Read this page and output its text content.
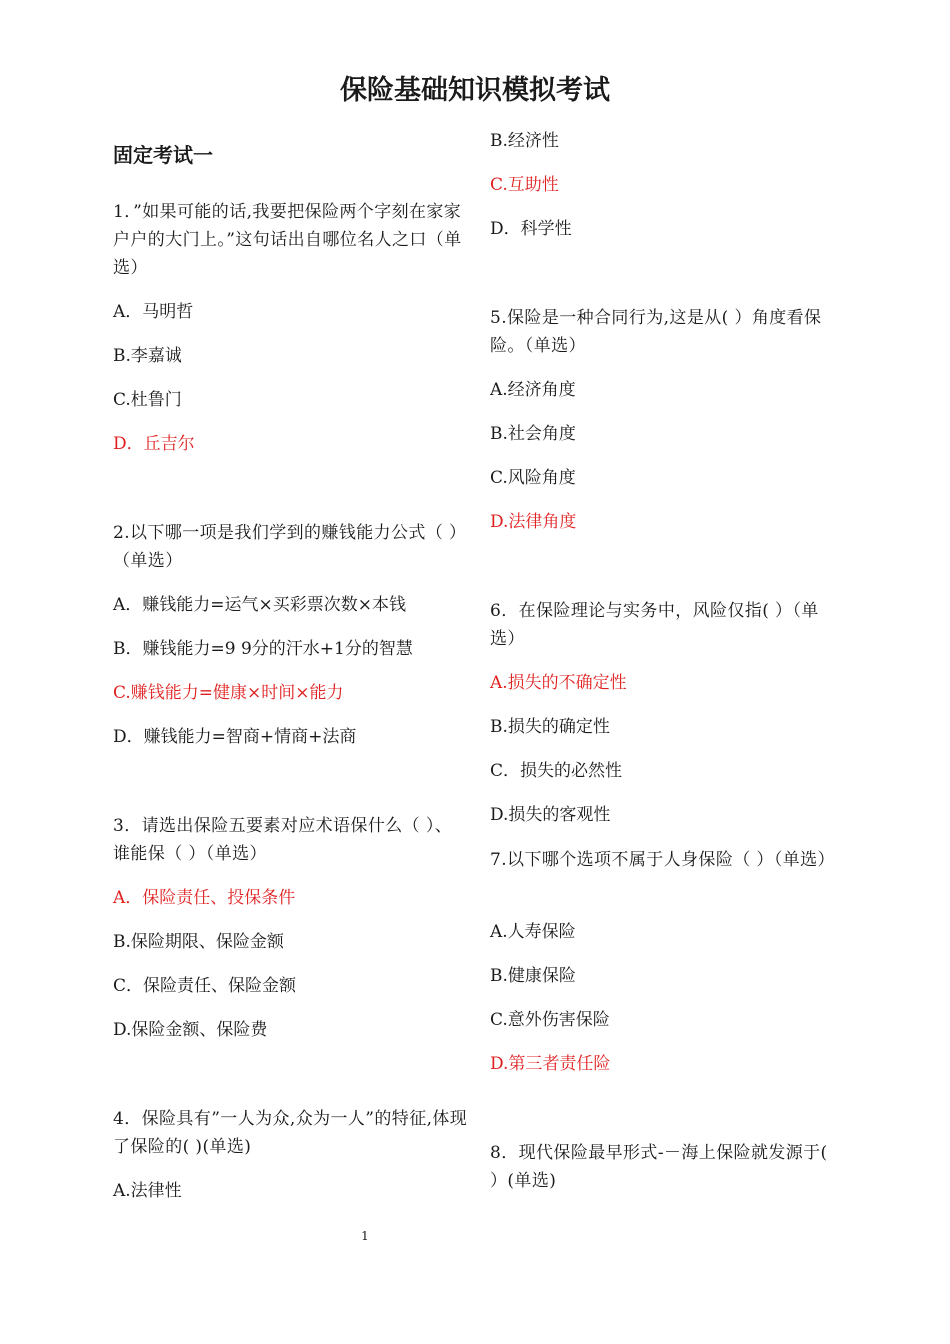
保险基础知识模拟考试
固定考试一
1．”如果可能的话,我要把保险两个字刻在家家户户的大门上。”这句话出自哪位名人之口（单选）
A．马明哲
B.李嘉诚
C.杜鲁门
D．丘吉尔
2.以下哪一项是我们学到的赚钱能力公式（ ）（单选）
A．赚钱能力=运气×买彩票次数×本钱
B．赚钱能力=9 9分的汗水+1分的智慧
C.赚钱能力=健康×时间×能力
D．赚钱能力=智商+情商+法商
3．请选出保险五要素对应术语保什么（ ）、谁能保（ ）（单选）
A．保险责任、投保条件
B.保险期限、保险金额
C．保险责任、保险金额
D.保险金额、保险费
4．保险具有”一人为众,众为一人”的特征,体现了保险的( )(单选)
A.法律性
B.经济性
C.互助性
D．科学性
5.保险是一种合同行为,这是从( ）角度看保险。（单选）
A.经济角度
B.社会角度
C.风险角度
D.法律角度
6．在保险理论与实务中，风险仅指( ）（单选）
A.损失的不确定性
B.损失的确定性
C．损失的必然性
D.损失的客观性
7.以下哪个选项不属于人身保险（ ）（单选）
A.人寿保险
B.健康保险
C.意外伤害保险
D.第三者责任险
8．现代保险最早形式-－海上保险就发源于( ）(单选)
1
